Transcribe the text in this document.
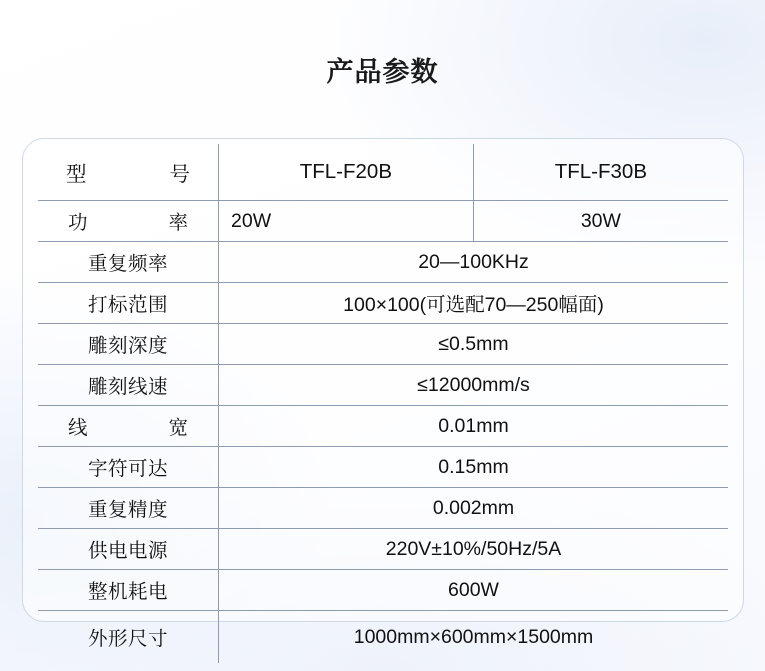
产品参数
型　　号	TFL-F20B	TFL-F30B
功　　率	20W	30W
重复频率	20—100KHz	
打标范围	100×100(可选配70—250幅面)	
雕刻深度	≤0.5mm	
雕刻线速	≤12000mm/s	
线　　宽	0.01mm	
字符可达	0.15mm	
重复精度	0.002mm	
供电电源	220V±10%/50Hz/5A	
整机耗电	600W	
外形尺寸	1000mm×600mm×1500mm	
